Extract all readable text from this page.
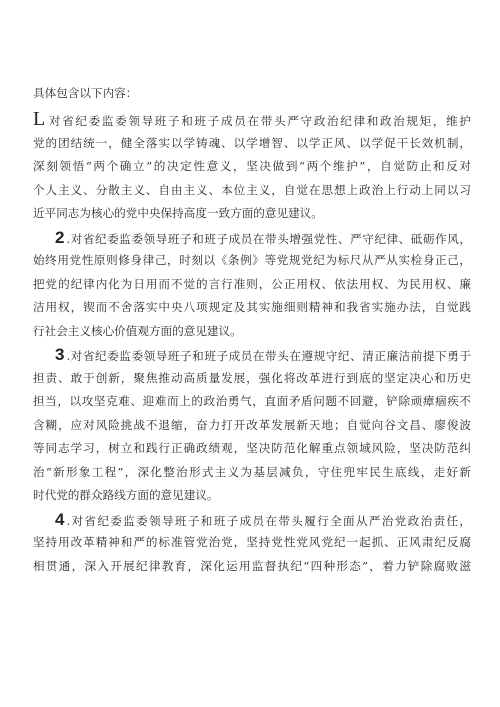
具体包含以下内容：
L对省纪委监委领导班子和班子成员在带头严守政治纪律和政治规矩，维护
党的团结统一，健全落实以学铸魂、以学增智、以学正风、以学促干长效机制，
深刻领悟“两个确立”的决定性意义，坚决做到“两个维护”，自觉防止和反对
个人主义、分散主义、自由主义、本位主义，自觉在思想上政治上行动上同以习
近平同志为核心的党中央保持高度一致方面的意见建议。
2 .对省纪委监委领导班子和班子成员在带头增强党性、严守纪律、砥砺作风，
始终用党性原则修身律己，时刻以《条例》等党规党纪为标尺从严从实检身正己，
把党的纪律内化为日用而不觉的言行准则，公正用权、依法用权、为民用权、廉
洁用权，锲而不舍落实中央八项规定及其实施细则精神和我省实施办法，自觉践
行社会主义核心价值观方面的意见建议。
3 .对省纪委监委领导班子和班子成员在带头在遵规守纪、清正廉洁前提下勇于
担责、敢于创新，聚焦推动高质量发展，强化将改革进行到底的坚定决心和历史
担当，以攻坚克难、迎难而上的政治勇气，直面矛盾问题不回避，铲除顽瘴痼疾不
含糊，应对风险挑战不退缩，奋力打开改革发展新天地；自觉向谷文昌、廖俊波
等同志学习，树立和践行正确政绩观，坚决防范化解重点领域风险，坚决防范纠
治“新形象工程”，深化整治形式主义为基层减负，守住兜牢民生底线，走好新
时代党的群众路线方面的意见建议。
4 .对省纪委监委领导班子和班子成员在带头履行全面从严治党政治责任，
坚持用改革精神和严的标准管党治党，坚持党性党风党纪一起抓、正风肃纪反腐
相贯通，深入开展纪律教育，深化运用监督执纪“四种形态”，着力铲除腐败滋
